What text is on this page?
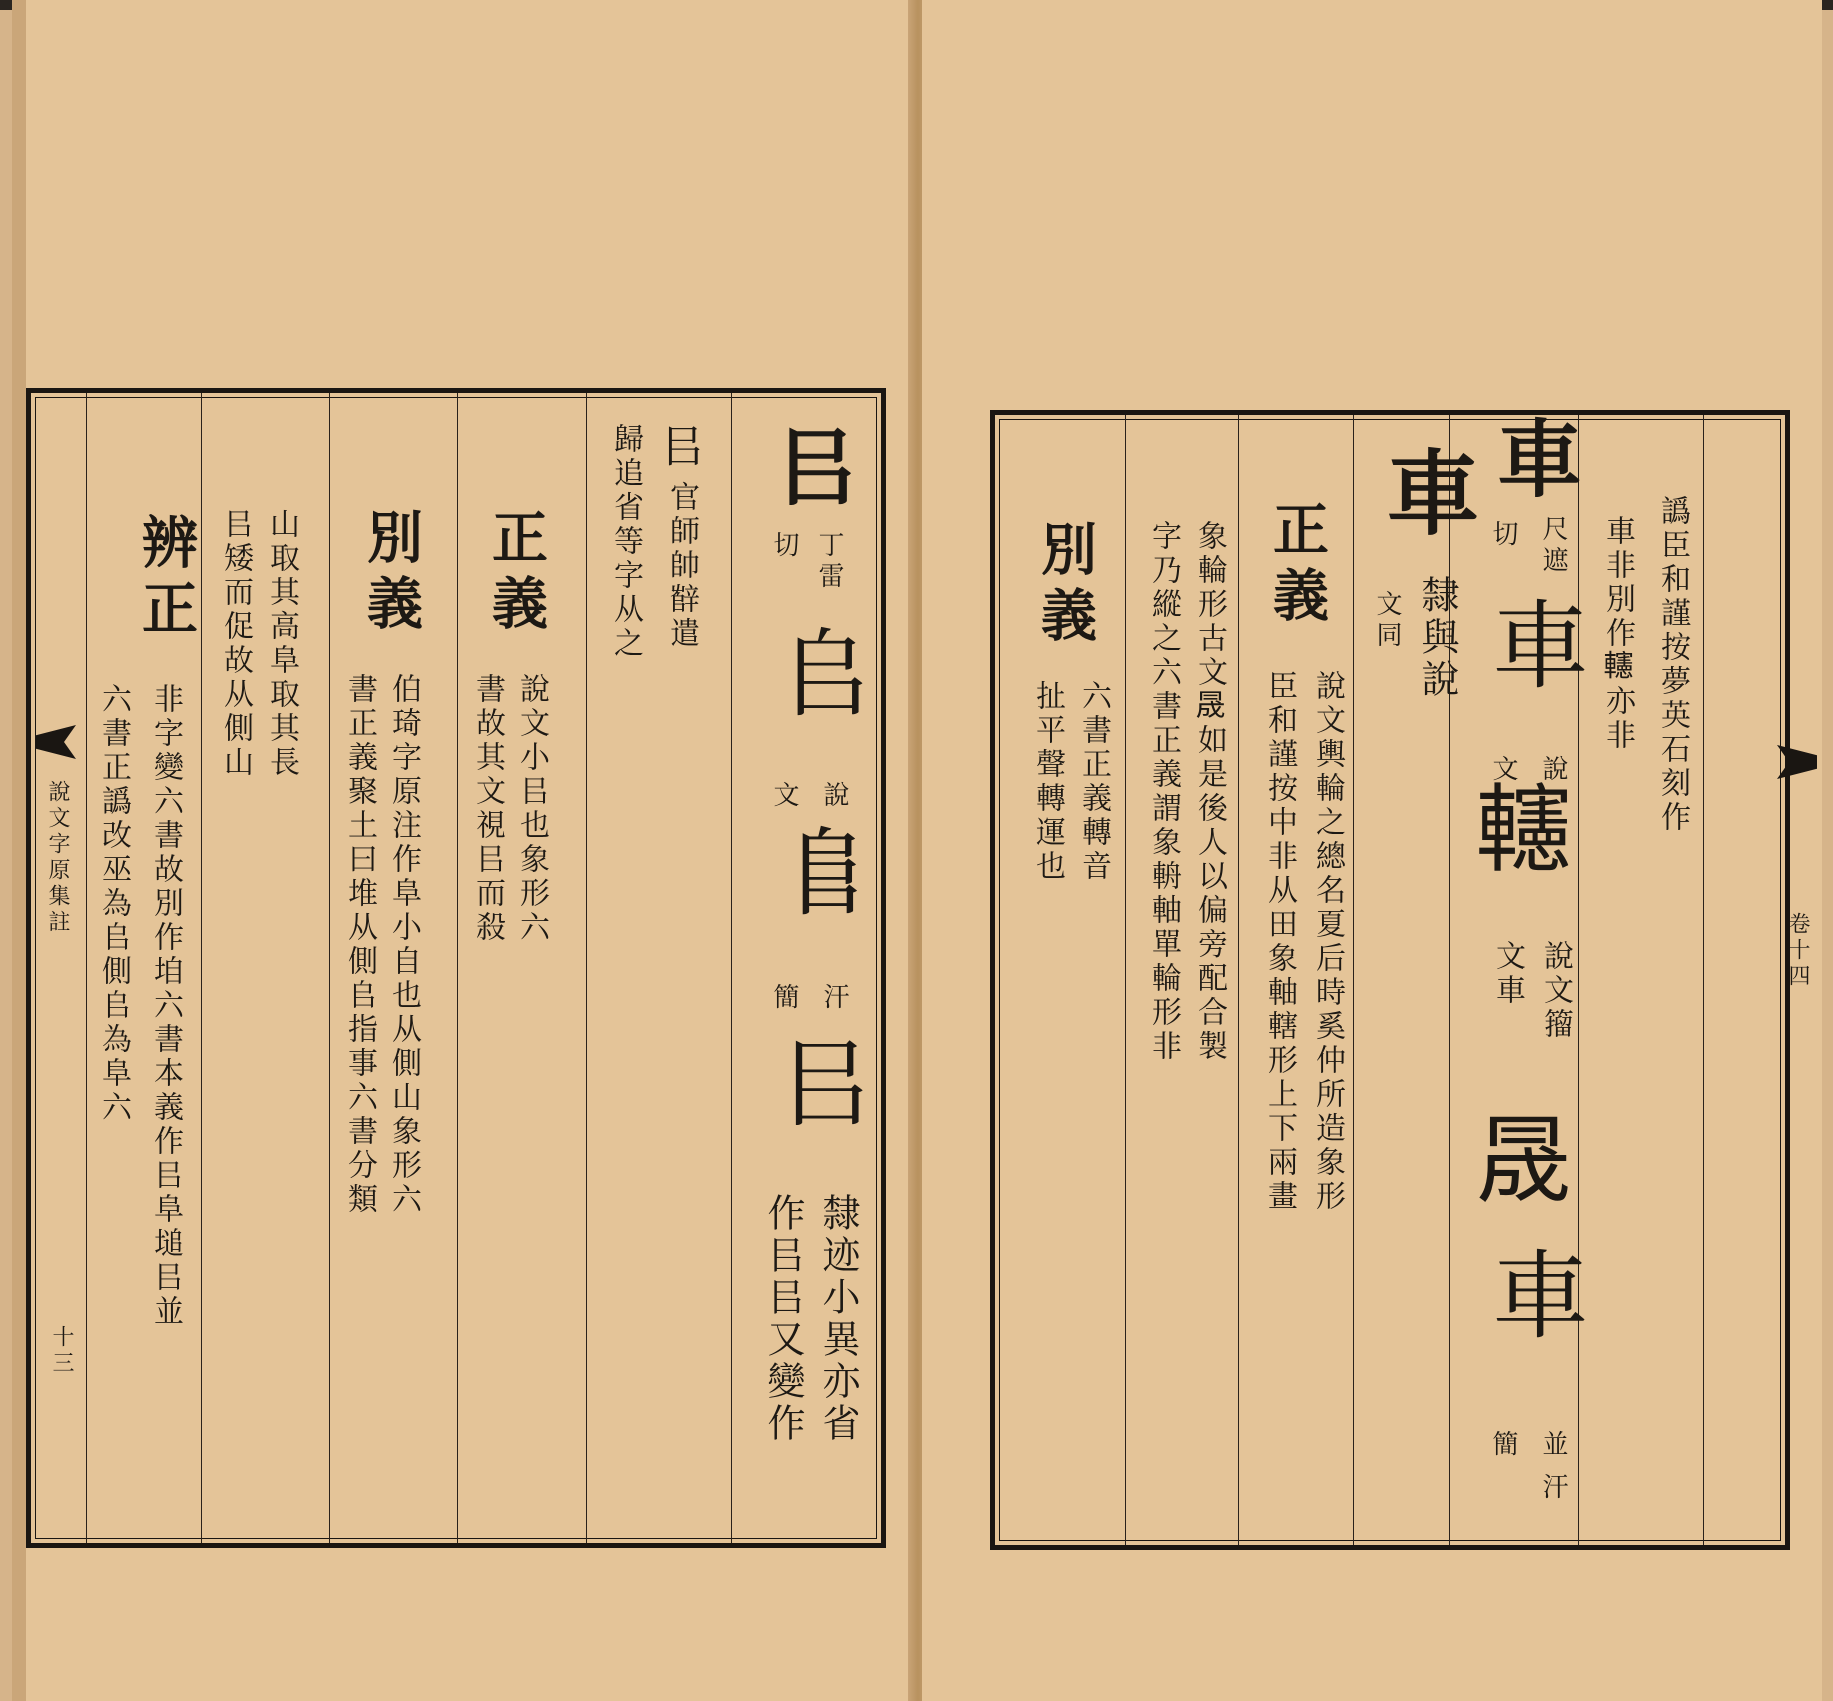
說文字原集註
十三
辨正
非字變六書故別作垍六書本義作㠯阜塠㠯並
六書正譌改巫為𠂤側𠂤為阜六
山取其高阜取其長
㠯矮而促故从側山 別義
伯琦字原注作阜小自也从側山象形六
書正義聚土曰堆从側𠂤指事六書分類
正義
說文小㠯也象形六
書故其文視㠯而殺
㠯
官師帥辥遣
歸追省等字从之 㠯
丁雷
切
𠂤
說
文
𨸏
汗
簡
㠯
隸迹小異亦省
作㠯㠯又變作
卷十四
別義
六書正義轉音
扯平聲轉運也	象輪形古文𠕠如是後人以偏旁配合製
字乃縱之六書正義謂象輈軸單輪形非 正義
說文輿輪之總名夏后時奚仲所造象形
臣和謹按中非从田象軸轄形上下兩畫
車
隸與說
文同
車
尺遮
切
車
說
文
𨏥
說文籀
文車
𠕠
車
並
汗
簡
譌臣和謹按夢英石刻作
車非別作𨏥亦非
